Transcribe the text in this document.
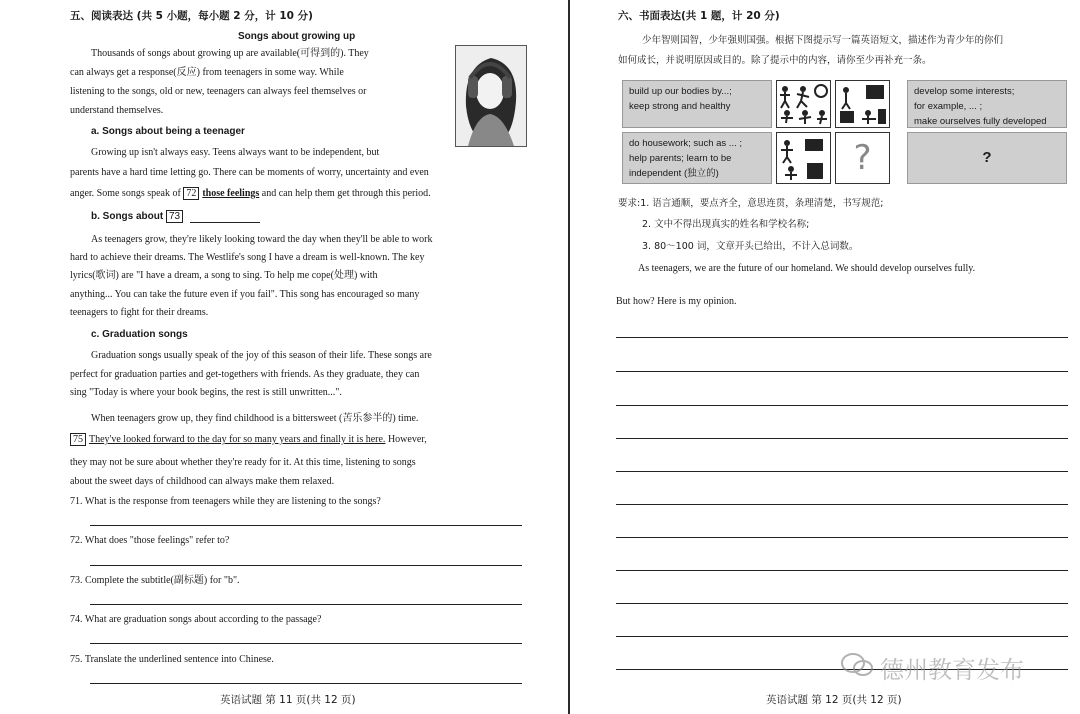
五、阅读表达 (共 5 小题，每小题 2 分，计 10 分)
Songs about growing up
Thousands of songs about growing up are available(可得到的). They
can always get a response(反应) from teenagers in some way. While
listening to the songs, old or new, teenagers can always feel themselves or
understand themselves.
a. Songs about being a teenager
Growing up isn't always easy. Teens always want to be independent, but
parents have a hard time letting go. There can be moments of worry, uncertainty and even
anger. Some songs speak of 72 those feelings and can help them get through this period.
b. Songs about 73
As teenagers grow, they're likely looking toward the day when they'll be able to work
hard to achieve their dreams. The Westlife's song I have a dream is well-known. The key
lyrics(歌词) are "I have a dream, a song to sing. To help me cope(处理) with
anything... You can take the future even if you fail". This song has encouraged so many
teenagers to fight for their dreams.
c. Graduation songs
Graduation songs usually speak of the joy of this season of their life. These songs are
perfect for graduation parties and get-togethers with friends. As they graduate, they can
sing "Today is where your book begins, the rest is still unwritten...".
When teenagers grow up, they find childhood is a bittersweet (苦乐参半的) time.
75 They've looked forward to the day for so many years and finally it is here. However,
they may not be sure about whether they're ready for it. At this time, listening to songs
about the sweet days of childhood can always make them relaxed.
71. What is the response from teenagers while they are listening to the songs?
72. What does "those feelings" refer to?
73. Complete the subtitle(副标题) for "b".
74. What are graduation songs about according to the passage?
75. Translate the underlined sentence into Chinese.
英语试题 第 11 页(共 12 页)
六、书面表达(共 1 题，计 20 分)
少年智则国智，少年强则国强。根据下图提示写一篇英语短文，描述作为青少年的你们
如何成长，并说明原因或目的。除了提示中的内容，请你至少再补充一条。
build up our bodies by...;
keep strong and healthy
develop some interests;
for example, ... ;
make ourselves fully developed
do housework; such as ... ;
help parents; learn to be
independent (独立的)	?	?
要求:1. 语言通顺，要点齐全，意思连贯，条理清楚，书写规范;
2. 文中不得出现真实的姓名和学校名称;
3. 80～100 词，文章开头已给出，不计入总词数。
As teenagers, we are the future of our homeland. We should develop ourselves fully.
But how? Here is my opinion.
德州教育发布
英语试题 第 12 页(共 12 页)
